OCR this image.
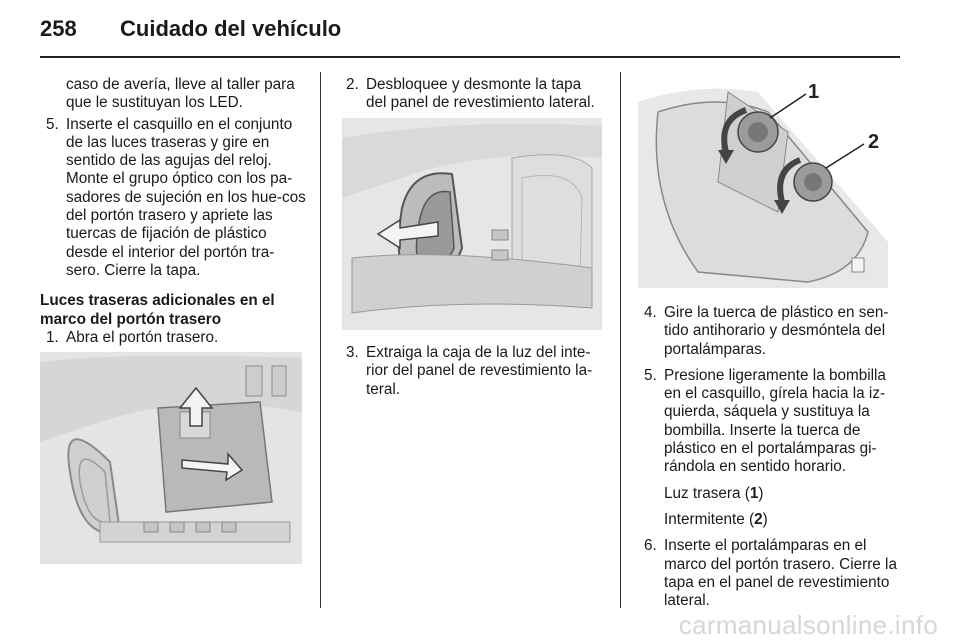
258 Cuidado del vehículo

caso de avería, lleve al taller para que le sustituyan los LED.

5. Inserte el casquillo en el conjunto de las luces traseras y gire en sentido de las agujas del reloj. Monte el grupo óptico con los pa-sadores de sujeción en los hue-cos del portón trasero y apriete las tuercas de fijación de plástico desde el interior del portón tra-sero. Cierre la tapa.

Luces traseras adicionales en el marco del portón trasero

1. Abra el portón trasero.

2. Desbloquee y desmonte la tapa del panel de revestimiento lateral.

3. Extraiga la caja de la luz del inte-rior del panel de revestimiento la-teral.

1
2
4. Gire la tuerca de plástico en sen-tido antihorario y desmóntela del portalámparas.

5. Presione ligeramente la bombilla en el casquillo, gírela hacia la iz-quierda, sáquela y sustituya la bombilla. Inserte la tuerca de plástico en el portalámparas gi-rándola en sentido horario.

Luz trasera (1)

Intermitente (2)

6. Inserte el portalámparas en el marco del portón trasero. Cierre la tapa en el panel de revestimiento lateral.

carmanualsonline.info
